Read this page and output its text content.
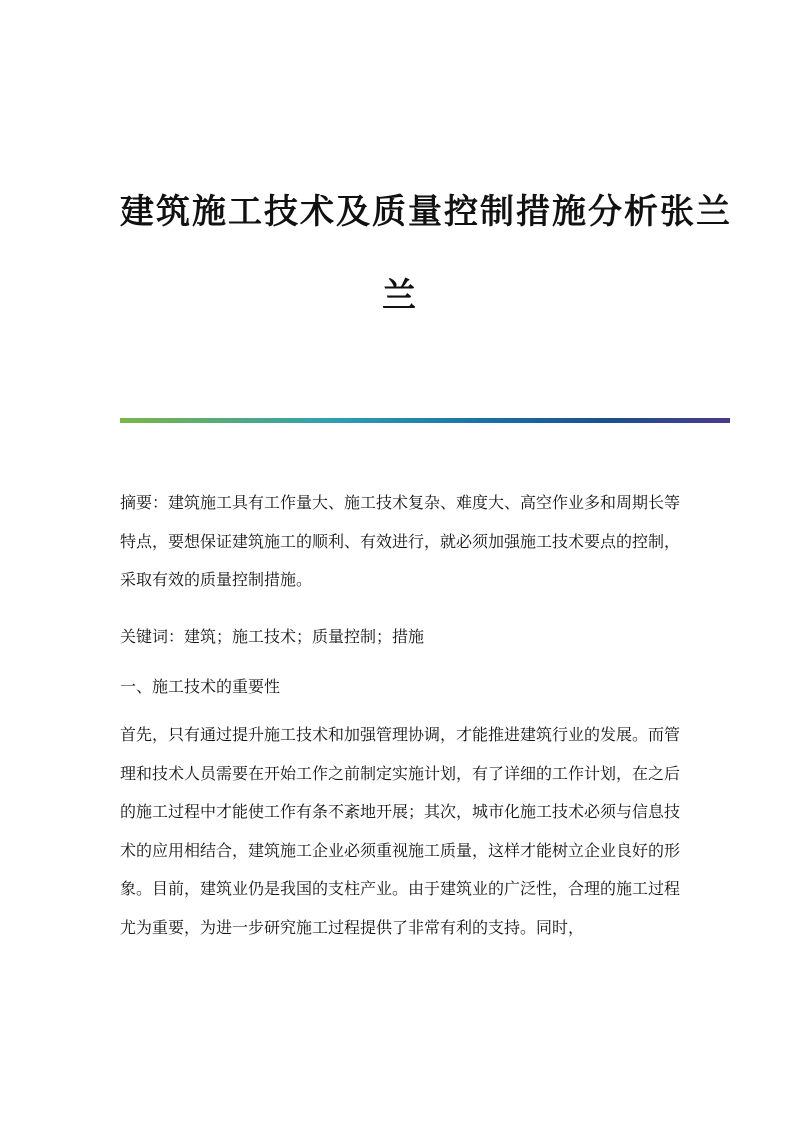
建筑施工技术及质量控制措施分析张兰
兰

摘要：建筑施工具有工作量大、施工技术复杂、难度大、高空作业多和周期长等特点，要想保证建筑施工的顺利、有效进行，就必须加强施工技术要点的控制，采取有效的质量控制措施。

关键词：建筑；施工技术；质量控制；措施

一、施工技术的重要性

首先，只有通过提升施工技术和加强管理协调，才能推进建筑行业的发展。而管理和技术人员需要在开始工作之前制定实施计划，有了详细的工作计划，在之后的施工过程中才能使工作有条不紊地开展；其次，城市化施工技术必须与信息技术的应用相结合，建筑施工企业必须重视施工质量，这样才能树立企业良好的形象。目前，建筑业仍是我国的支柱产业。由于建筑业的广泛性，合理的施工过程尤为重要，为进一步研究施工过程提供了非常有利的支持。同时，
